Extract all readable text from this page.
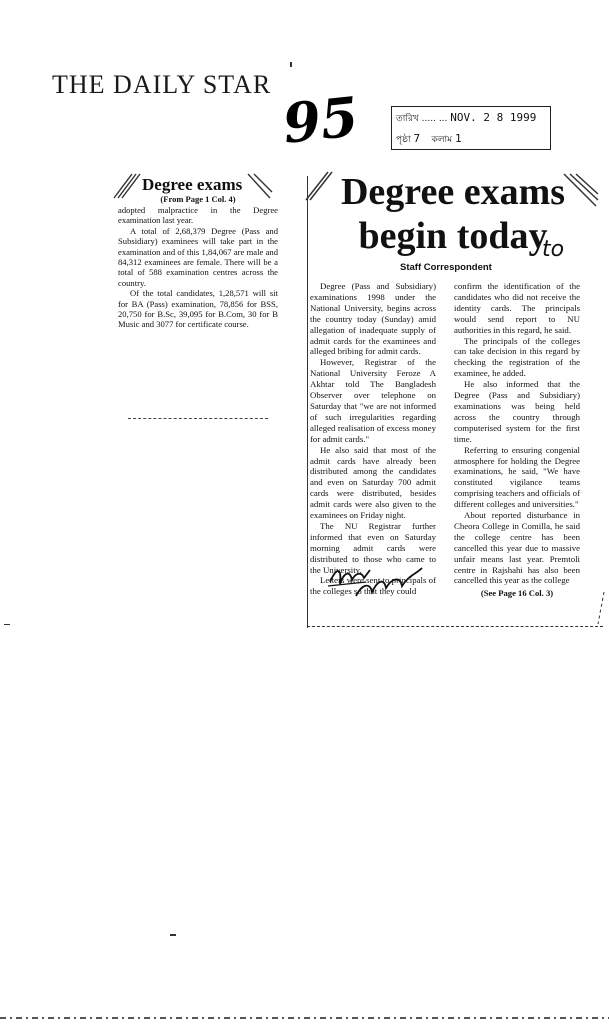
THE DAILY STAR 95	তারিখ ..... ... NOV. 2 8 1999
পৃষ্ঠা 7 কলাম 1
Degree exams
(From Page 1 Col. 4)

adopted malpractice in the Degree examination last year.

A total of 2,68,379 Degree (Pass and Subsidiary) examinees will take part in the examination and of this 1,84,067 are male and 84,312 examinees are female. There will be a total of 588 examination centres across the country.

Of the total candidates, 1,28,571 will sit for BA (Pass) examination, 78,856 for BSS, 20,750 for B.Sc, 39,095 for B.Com, 30 for B Music and 3077 for certificate course.

Degree exams
begin today
to
Staff Correspondent

Degree (Pass and Subsidiary) examinations 1998 under the National University, begins across the country today (Sunday) amid allegation of inadequate supply of admit cards for the examinees and alleged bribing for admit cards.

However, Registrar of the National University Feroze A Akhtar told The Bangladesh Observer over telephone on Saturday that "we are not informed of such irregularities regarding alleged realisation of excess money for admit cards."

He also said that most of the admit cards have already been distributed among the candidates and even on Saturday 700 admit cards were distributed, besides admit cards were also given to the examinees on Friday night.

The NU Registrar further informed that even on Saturday morning admit cards were distributed to those who came to the University.

Letters were sent to principals of the colleges so that they could

confirm the identification of the candidates who did not receive the identity cards. The principals would send report to NU authorities in this regard, he said.

The principals of the colleges can take decision in this regard by checking the registration of the examinee, he added.

He also informed that the Degree (Pass and Subsidiary) examinations was being held across the country through computerised system for the first time.

Referring to ensuring congenial atmosphere for holding the Degree examinations, he said, "We have constituted vigilance teams comprising teachers and officials of different colleges and universities."

About reported disturbance in Cheora College in Comilla, he said the college centre has been cancelled this year due to massive unfair means last year. Premtoli centre in Rajshahi has also been cancelled this year as the college

(See Page 16 Col. 3)
